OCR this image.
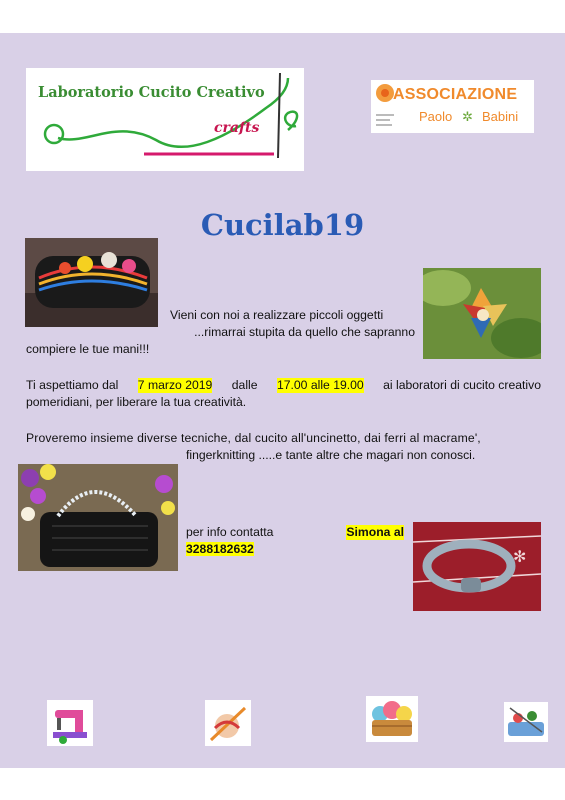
Laboratorio Cucito Creativo
crafts
ASSOCIAZIONE
Paolo ✲ Babini
Cucilab19
Vieni con noi a realizzare piccoli oggetti
...rimarrai stupita da quello che sapranno
compiere le tue mani!!!
Ti aspettiamo dal 7 marzo 2019 dalle 17.00 alle 19.00 ai laboratori di cucito creativo
pomeridiani, per liberare la tua creatività.
Proveremo insieme diverse tecniche, dal cucito all'uncinetto, dai ferri al macrame',
fingerknitting .....e tante altre che magari non conosci.
per info contatta	Simona al
3288182632	✻
